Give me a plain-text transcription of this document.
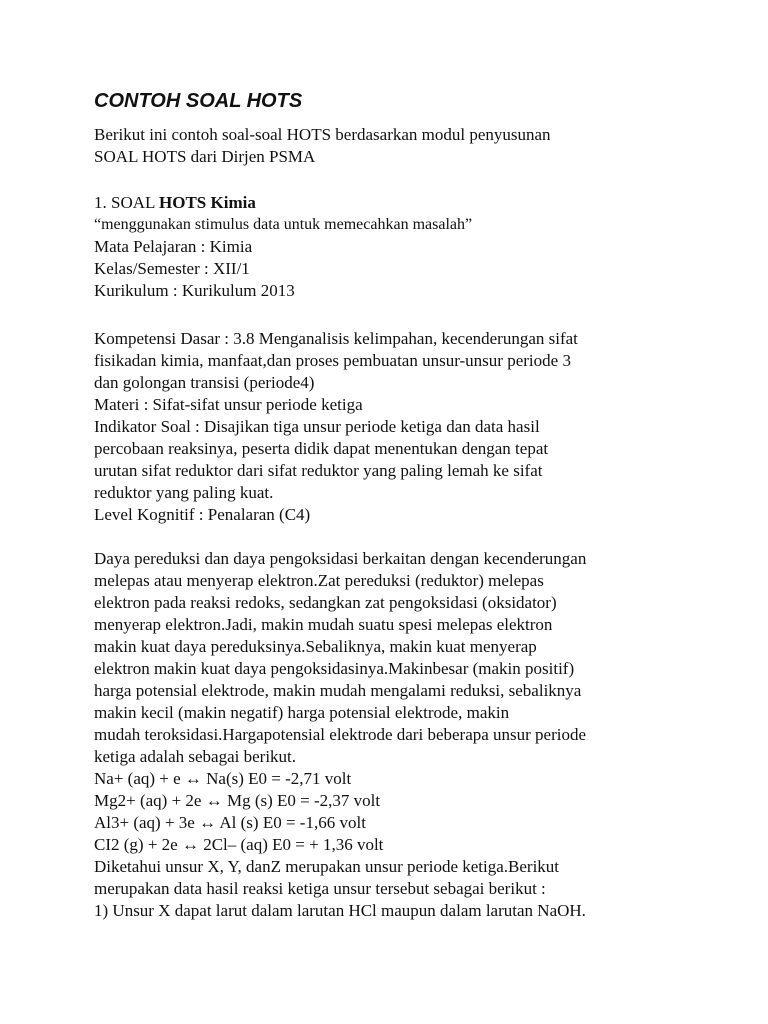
CONTOH SOAL HOTS
Berikut ini contoh soal-soal HOTS berdasarkan modul penyusunan
SOAL HOTS dari Dirjen PSMA
1. SOAL HOTS Kimia
“menggunakan stimulus data untuk memecahkan masalah”
Mata Pelajaran : Kimia
Kelas/Semester : XII/1
Kurikulum : Kurikulum 2013
Kompetensi Dasar : 3.8 Menganalisis kelimpahan, kecenderungan sifat
fisikadan kimia, manfaat,dan proses pembuatan unsur-unsur periode 3
dan golongan transisi (periode4)
Materi : Sifat-sifat unsur periode ketiga
Indikator Soal : Disajikan tiga unsur periode ketiga dan data hasil
percobaan reaksinya, peserta didik dapat menentukan dengan tepat
urutan sifat reduktor dari sifat reduktor yang paling lemah ke sifat
reduktor yang paling kuat.
Level Kognitif : Penalaran (C4)
Daya pereduksi dan daya pengoksidasi berkaitan dengan kecenderungan
melepas atau menyerap elektron.Zat pereduksi (reduktor) melepas
elektron pada reaksi redoks, sedangkan zat pengoksidasi (oksidator)
menyerap elektron.Jadi, makin mudah suatu spesi melepas elektron
makin kuat daya pereduksinya.Sebaliknya, makin kuat menyerap
elektron makin kuat daya pengoksidasinya.Makinbesar (makin positif)
harga potensial elektrode, makin mudah mengalami reduksi, sebaliknya
makin kecil (makin negatif) harga potensial elektrode, makin
mudah teroksidasi.Hargapotensial elektrode dari beberapa unsur periode
ketiga adalah sebagai berikut.
Na+ (aq) + e ↔ Na(s) E0 = -2,71 volt
Mg2+ (aq) + 2e ↔ Mg (s) E0 = -2,37 volt
Al3+ (aq) + 3e ↔ Al (s) E0 = -1,66 volt
CI2 (g) + 2e ↔ 2Cl– (aq) E0 = + 1,36 volt
Diketahui unsur X, Y, danZ merupakan unsur periode ketiga.Berikut
merupakan data hasil reaksi ketiga unsur tersebut sebagai berikut :
1) Unsur X dapat larut dalam larutan HCl maupun dalam larutan NaOH.
